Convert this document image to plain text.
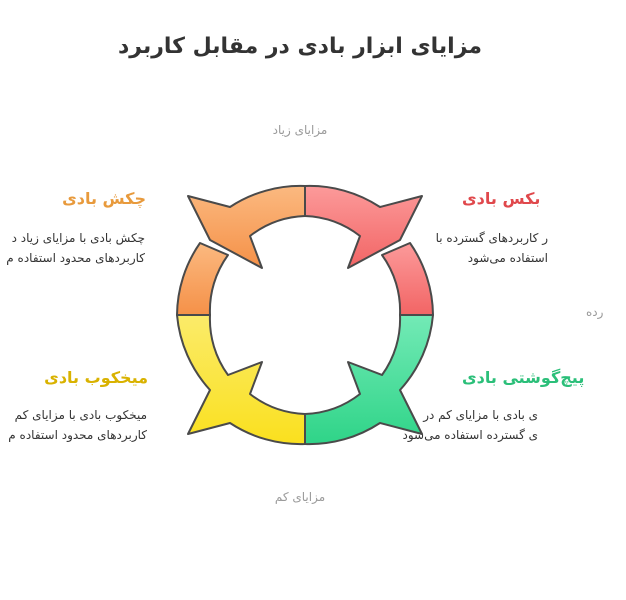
مزایای ابزار بادی در مقابل کاربرد
مزایای زیاد
مزایای کم
رده
چکش بادی
چکش بادی با مزایای زیاد د
کاربردهای محدود استفاده م
بکس بادی
ر کاربردهای گسترده با
استفاده می‌شود
میخکوب بادی
میخکوب بادی با مزایای کم
کاربردهای محدود استفاده م
پیچ‌گوشتی بادی
ی بادی با مزایای کم در
ی گسترده استفاده می‌شود
